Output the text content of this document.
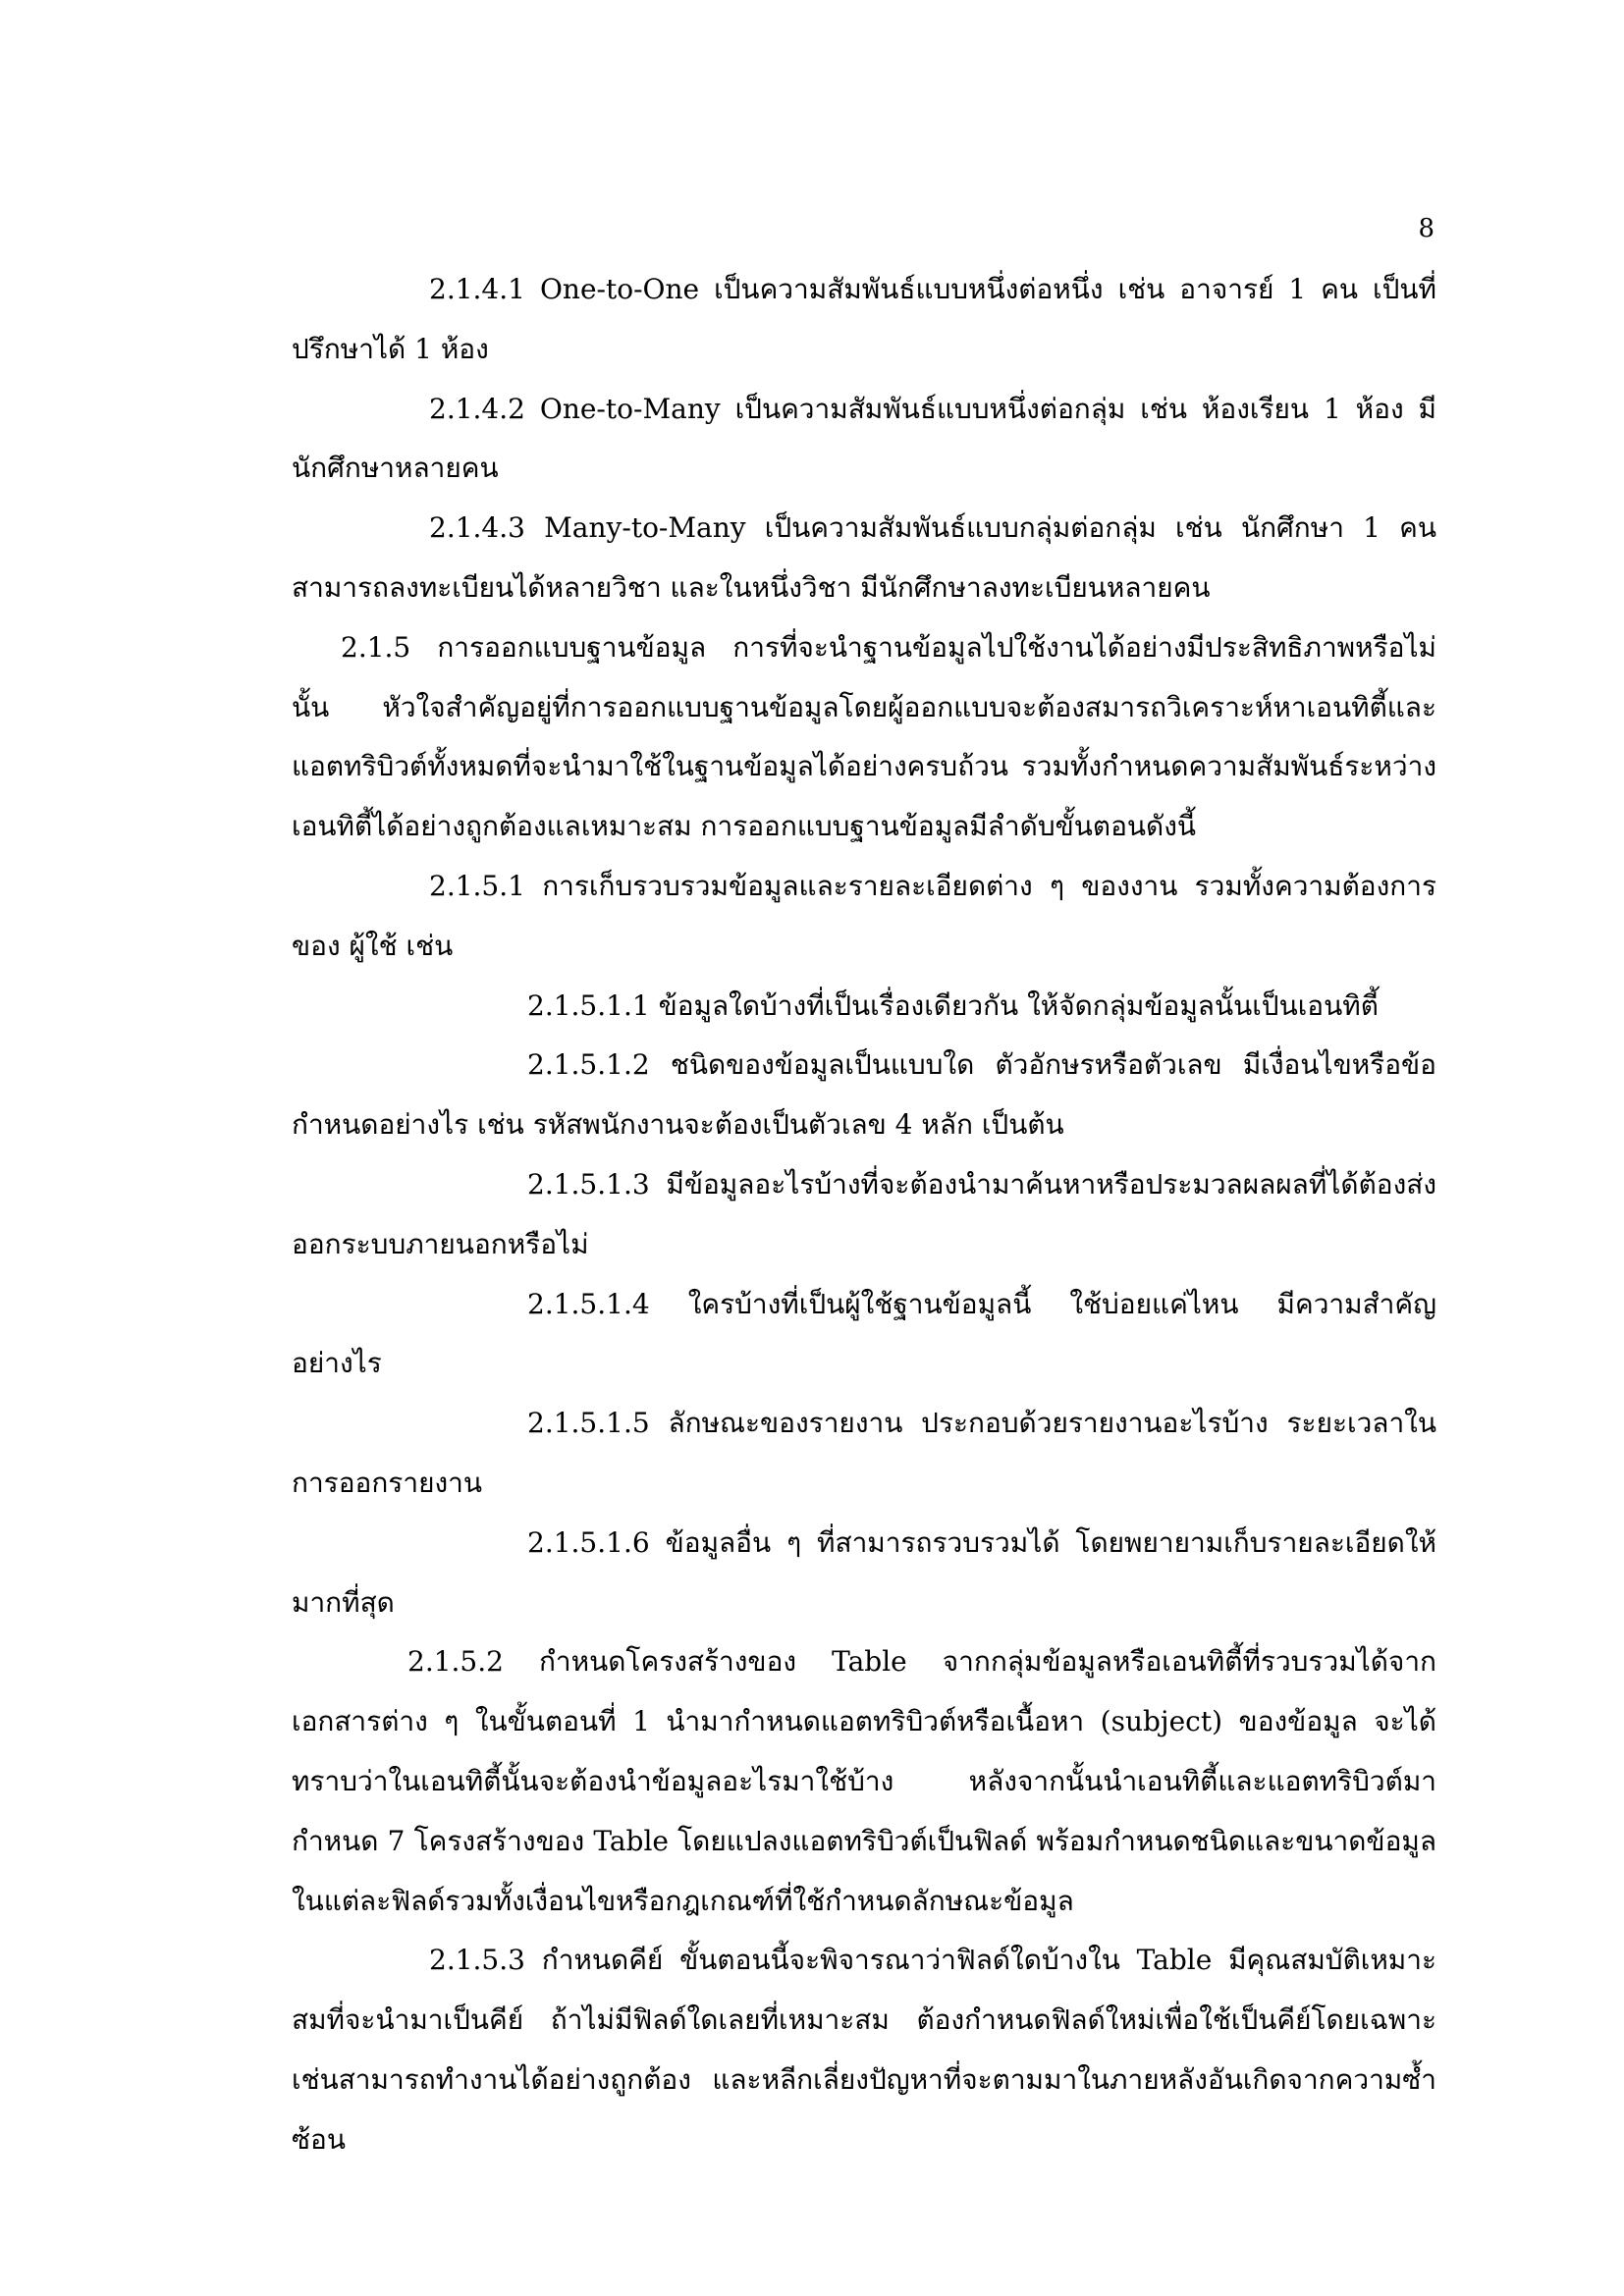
8

2.1.4.1 One-to-One เป็นความสัมพันธ์แบบหนึ่งต่อหนึ่ง เช่น อาจารย์ 1 คน เป็นที่ปรึกษาได้ 1 ห้อง

2.1.4.2 One-to-Many เป็นความสัมพันธ์แบบหนึ่งต่อกลุ่ม เช่น ห้องเรียน 1 ห้อง มีนักศึกษาหลายคน

2.1.4.3 Many-to-Many เป็นความสัมพันธ์แบบกลุ่มต่อกลุ่ม เช่น นักศึกษา 1 คน สามารถลงทะเบียนได้หลายวิชา และในหนึ่งวิชา มีนักศึกษาลงทะเบียนหลายคน

2.1.5 การออกแบบฐานข้อมูล การที่จะนำฐานข้อมูลไปใช้งานได้อย่างมีประสิทธิภาพหรือไม่นั้น หัวใจสำคัญอยู่ที่การออกแบบฐานข้อมูลโดยผู้ออกแบบจะต้องสมารถวิเคราะห์หาเอนทิตี้และแอตทริบิวต์ทั้งหมดที่จะนำมาใช้ในฐานข้อมูลได้อย่างครบถ้วน รวมทั้งกำหนดความสัมพันธ์ระหว่างเอนทิตี้ได้อย่างถูกต้องแลเหมาะสม การออกแบบฐานข้อมูลมีลำดับขั้นตอนดังนี้

2.1.5.1 การเก็บรวบรวมข้อมูลและรายละเอียดต่าง ๆ ของงาน รวมทั้งความต้องการของ ผู้ใช้ เช่น

2.1.5.1.1 ข้อมูลใดบ้างที่เป็นเรื่องเดียวกัน ให้จัดกลุ่มข้อมูลนั้นเป็นเอนทิตี้

2.1.5.1.2 ชนิดของข้อมูลเป็นแบบใด ตัวอักษรหรือตัวเลข มีเงื่อนไขหรือข้อกำหนดอย่างไร เช่น รหัสพนักงานจะต้องเป็นตัวเลข 4 หลัก เป็นต้น

2.1.5.1.3 มีข้อมูลอะไรบ้างที่จะต้องนำมาค้นหาหรือประมวลผลผลที่ได้ต้องส่งออกระบบภายนอกหรือไม่

2.1.5.1.4 ใครบ้างที่เป็นผู้ใช้ฐานข้อมูลนี้ ใช้บ่อยแค่ไหน มีความสำคัญอย่างไร

2.1.5.1.5 ลักษณะของรายงาน ประกอบด้วยรายงานอะไรบ้าง ระยะเวลาในการออกรายงาน

2.1.5.1.6 ข้อมูลอื่น ๆ ที่สามารถรวบรวมได้ โดยพยายามเก็บรายละเอียดให้มากที่สุด

2.1.5.2 กำหนดโครงสร้างของ Table จากกลุ่มข้อมูลหรือเอนทิตี้ที่รวบรวมได้จากเอกสารต่าง ๆ ในขั้นตอนที่ 1 นำมากำหนดแอตทริบิวต์หรือเนื้อหา (subject) ของข้อมูล จะได้ทราบว่าในเอนทิตี้นั้นจะต้องนำข้อมูลอะไรมาใช้บ้าง หลังจากนั้นนำเอนทิตี้และแอตทริบิวต์มากำหนด 7 โครงสร้างของ Table โดยแปลงแอตทริบิวต์เป็นฟิลด์ พร้อมกำหนดชนิดและขนาดข้อมูลในแต่ละฟิลด์รวมทั้งเงื่อนไขหรือกฎเกณฑ์ที่ใช้กำหนดลักษณะข้อมูล

2.1.5.3 กำหนดคีย์ ขั้นตอนนี้จะพิจารณาว่าฟิลด์ใดบ้างใน Table มีคุณสมบัติเหมาะสมที่จะนำมาเป็นคีย์ ถ้าไม่มีฟิลด์ใดเลยที่เหมาะสม ต้องกำหนดฟิลด์ใหม่เพื่อใช้เป็นคีย์โดยเฉพาะเช่นสามารถทำงานได้อย่างถูกต้อง และหลีกเลี่ยงปัญหาที่จะตามมาในภายหลังอันเกิดจากความซ้ำซ้อน
